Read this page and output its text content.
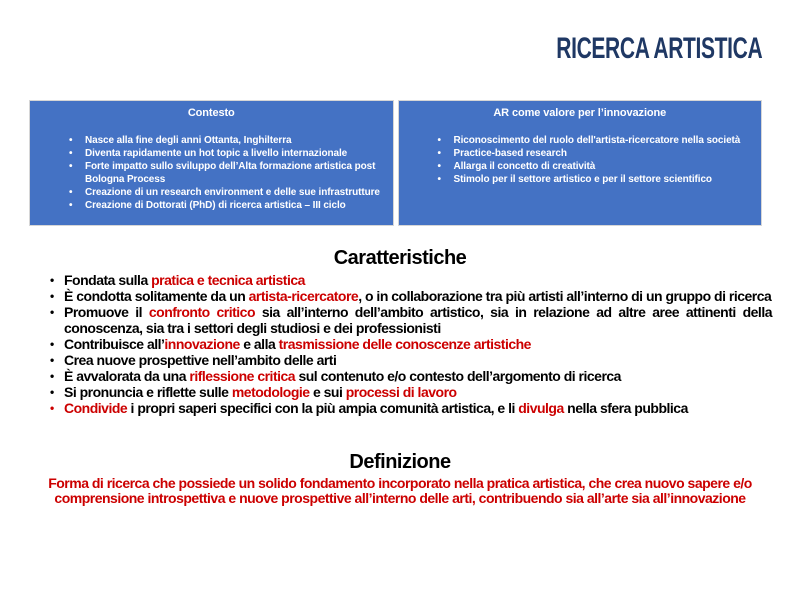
RICERCA ARTISTICA
Contesto
• Nasce alla fine degli anni Ottanta, Inghilterra
• Diventa rapidamente un hot topic a livello internazionale
• Forte impatto sullo sviluppo dell’Alta formazione artistica post Bologna Process
• Creazione di un research environment e delle sue infrastrutture
• Creazione di Dottorati (PhD) di ricerca artistica – III ciclo
AR come valore per l’innovazione
• Riconoscimento del ruolo dell'artista-ricercatore nella società
• Practice-based research
• Allarga il concetto di creatività
• Stimolo per il settore artistico e per il settore scientifico
Caratteristiche
• Fondata sulla pratica e tecnica artistica
• È condotta solitamente da un artista-ricercatore, o in collaborazione tra più artisti all’interno di un gruppo di ricerca
• Promuove il confronto critico sia all’interno dell’ambito artistico, sia in relazione ad altre aree attinenti della conoscenza, sia tra i settori degli studiosi e dei professionisti
• Contribuisce all’innovazione e alla trasmissione delle conoscenze artistiche
• Crea nuove prospettive nell’ambito delle arti
• È avvalorata da una riflessione critica sul contenuto e/o contesto dell’argomento di ricerca
• Si pronuncia e riflette sulle metodologie e sui processi di lavoro
• Condivide i propri saperi specifici con la più ampia comunità artistica, e li divulga nella sfera pubblica
Definizione
Forma di ricerca che possiede un solido fondamento incorporato nella pratica artistica, che crea nuovo sapere e/o comprensione introspettiva e nuove prospettive all’interno delle arti, contribuendo sia all’arte sia all’innovazione
